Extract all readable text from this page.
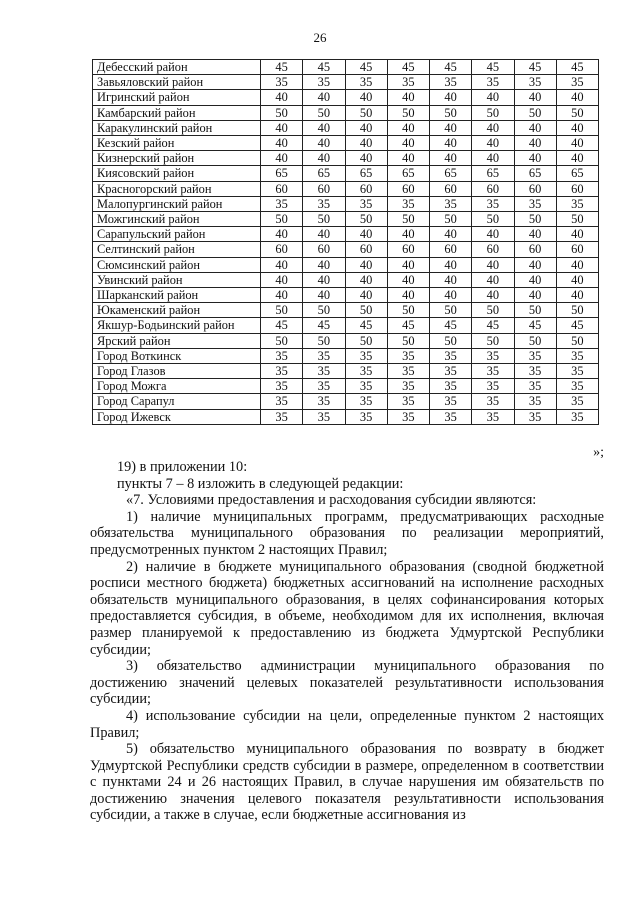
26
Дебесский район	45	45	45	45	45	45	45	45
Завьяловский район	35	35	35	35	35	35	35	35
Игринский район	40	40	40	40	40	40	40	40
Камбарский район	50	50	50	50	50	50	50	50
Каракулинский район	40	40	40	40	40	40	40	40
Кезский район	40	40	40	40	40	40	40	40
Кизнерский район	40	40	40	40	40	40	40	40
Киясовский район	65	65	65	65	65	65	65	65
Красногорский район	60	60	60	60	60	60	60	60
Малопургинский район	35	35	35	35	35	35	35	35
Можгинский район	50	50	50	50	50	50	50	50
Сарапульский район	40	40	40	40	40	40	40	40
Селтинский район	60	60	60	60	60	60	60	60
Сюмсинский район	40	40	40	40	40	40	40	40
Увинский район	40	40	40	40	40	40	40	40
Шарканский район	40	40	40	40	40	40	40	40
Юкаменский район	50	50	50	50	50	50	50	50
Якшур-Бодьинский район	45	45	45	45	45	45	45	45
Ярский район	50	50	50	50	50	50	50	50
Город Воткинск	35	35	35	35	35	35	35	35
Город Глазов	35	35	35	35	35	35	35	35
Город Можга	35	35	35	35	35	35	35	35
Город Сарапул	35	35	35	35	35	35	35	35
Город Ижевск	35	35	35	35	35	35	35	35
»;

19) в приложении 10:

пункты 7 – 8 изложить в следующей редакции:

«7. Условиями предоставления и расходования субсидии являются:

1) наличие муниципальных программ, предусматривающих расходные обязательства муниципального образования по реализации мероприятий, предусмотренных пунктом 2 настоящих Правил;

2) наличие в бюджете муниципального образования (сводной бюджетной росписи местного бюджета) бюджетных ассигнований на исполнение расходных обязательств муниципального образования, в целях софинансирования которых предоставляется субсидия, в объеме, необходимом для их исполнения, включая размер планируемой к предоставлению из бюджета Удмуртской Республики субсидии;

3) обязательство администрации муниципального образования по достижению значений целевых показателей результативности использования субсидии;

4) использование субсидии на цели, определенные пунктом 2 настоящих Правил;

5) обязательство муниципального образования по возврату в бюджет Удмуртской Республики средств субсидии в размере, определенном в соответствии с пунктами 24 и 26 настоящих Правил, в случае нарушения им обязательств по достижению значения целевого показателя результативности использования субсидии, а также в случае, если бюджетные ассигнования из
